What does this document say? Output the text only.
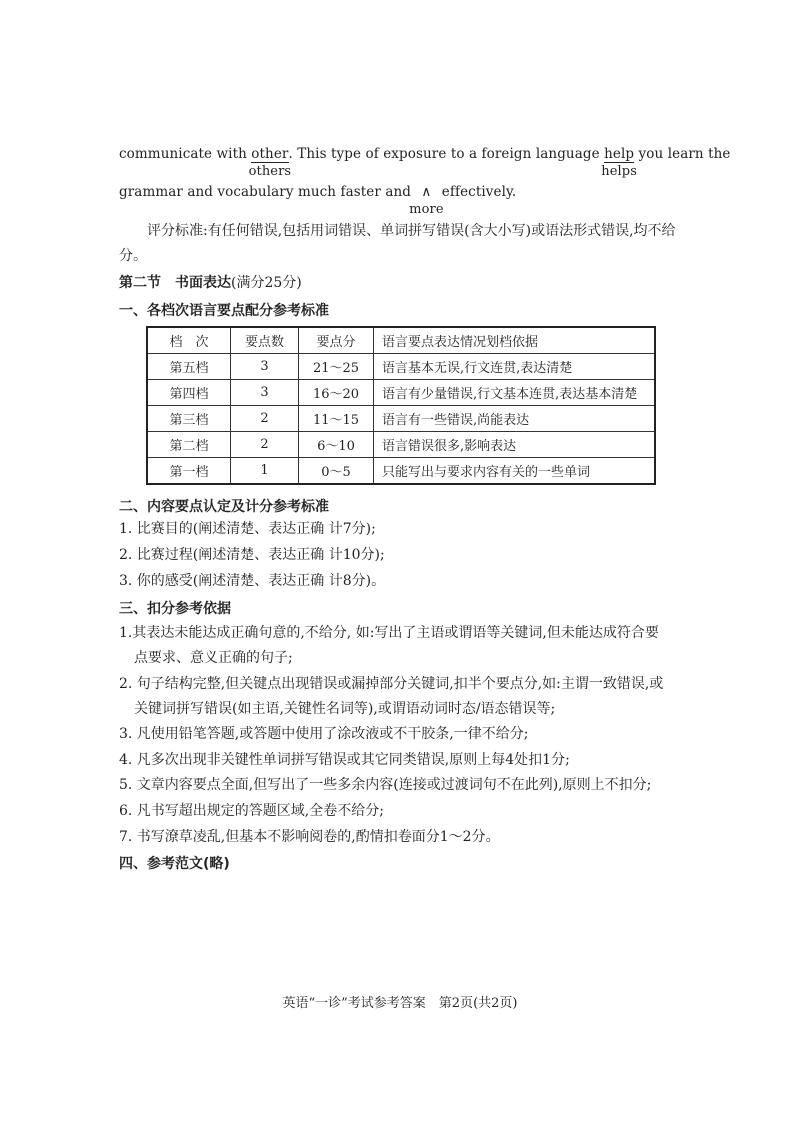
communicate with other
others
. This type of exposure to a foreign language help
helps
you learn the
grammar and vocabulary much faster and ∧
more
effectively.
评分标准:有任何错误,包括用词错误、单词拼写错误(含大小写)或语法形式错误,均不给分。
第二节　书面表达(满分25分)
一、各档次语言要点配分参考标准
档　次	要点数	要点分	语言要点表达情况划档依据
第五档	3	21～25	语言基本无误,行文连贯,表达清楚
第四档	3	16～20	语言有少量错误,行文基本连贯,表达基本清楚
第三档	2	11～15	语言有一些错误,尚能表达
第二档	2	6～10	语言错误很多,影响表达
第一档	1	0～5	只能写出与要求内容有关的一些单词
二、内容要点认定及计分参考标准
1. 比赛目的(阐述清楚、表达正确 计7分);
2. 比赛过程(阐述清楚、表达正确 计10分);
3. 你的感受(阐述清楚、表达正确 计8分)。
三、扣分参考依据
1.其表达未能达成正确句意的,不给分, 如:写出了主语或谓语等关键词,但未能达成符合要
点要求、意义正确的句子;
2. 句子结构完整,但关键点出现错误或漏掉部分关键词,扣半个要点分,如:主谓一致错误,或
关键词拼写错误(如主语,关键性名词等),或谓语动词时态/语态错误等;
3. 凡使用铅笔答题,或答题中使用了涂改液或不干胶条,一律不给分;
4. 凡多次出现非关键性单词拼写错误或其它同类错误,原则上每4处扣1分;
5. 文章内容要点全面,但写出了一些多余内容(连接或过渡词句不在此列),原则上不扣分;
6. 凡书写超出规定的答题区域,全卷不给分;
7. 书写潦草凌乱,但基本不影响阅卷的,酌情扣卷面分1～2分。
四、参考范文(略)
英语“一诊”考试参考答案　第2页(共2页)
